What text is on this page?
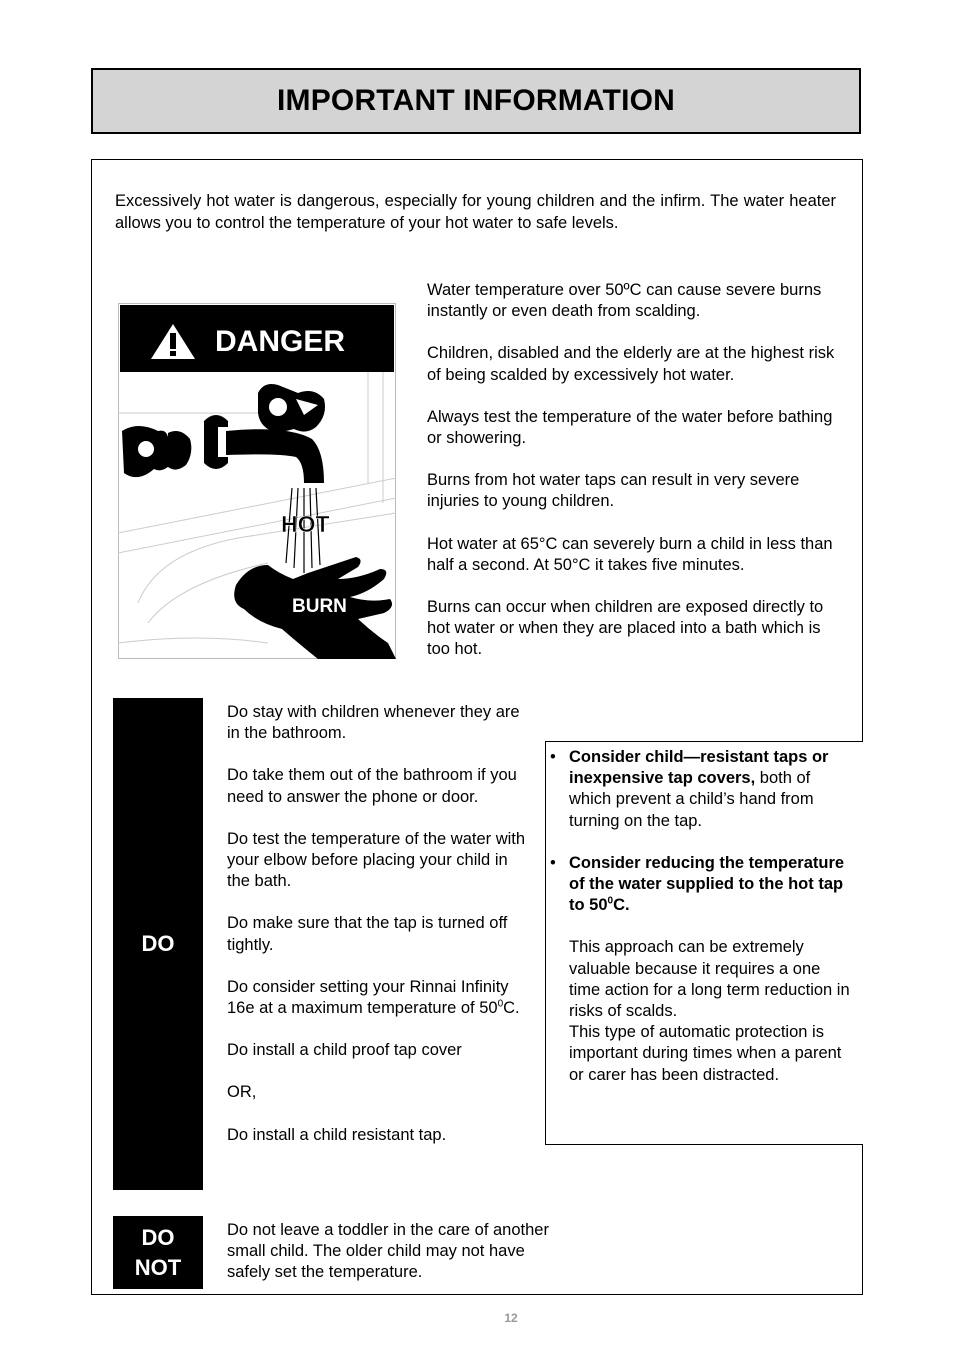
IMPORTANT INFORMATION
Excessively hot water is dangerous, especially for young children and the infirm. The water heater allows you to control the temperature of your hot water to safe levels.
DANGER
HOT
BURN

Water temperature over 50ºC can cause severe burns instantly or even death from scalding.

Children, disabled and the elderly are at the highest risk of being scalded by excessively hot water.

Always test the temperature of the water before bathing or showering.

Burns from hot water taps can result in very severe injuries to young children.

Hot water at 65°C can severely burn a child in less than half a second. At 50°C it takes five minutes.

Burns can occur when children are exposed directly to hot water or when they are placed into a bath which is too hot.

DO

Do stay with children whenever they are in the bathroom.

Do take them out of the bathroom if you need to answer the phone or door.

Do test the temperature of the water with your elbow before placing your child in the bath.

Do make sure that the tap is turned off tightly.

Do consider setting your Rinnai Infinity 16e at a maximum temperature of $50^0C$.

Do install a child proof tap cover

OR,

Do install a child resistant tap.

• Consider child—resistant taps or inexpensive tap covers, both of which prevent a child’s hand from turning on the tap.
• Consider reducing the temperature of the water supplied to the hot tap to $50^0C$.
This approach can be extremely valuable because it requires a one time action for a long term reduction in risks of scalds.
This type of automatic protection is important during times when a parent or carer has been distracted.
DO
NOT
Do not leave a toddler in the care of another small child. The older child may not have safely set the temperature.
12
